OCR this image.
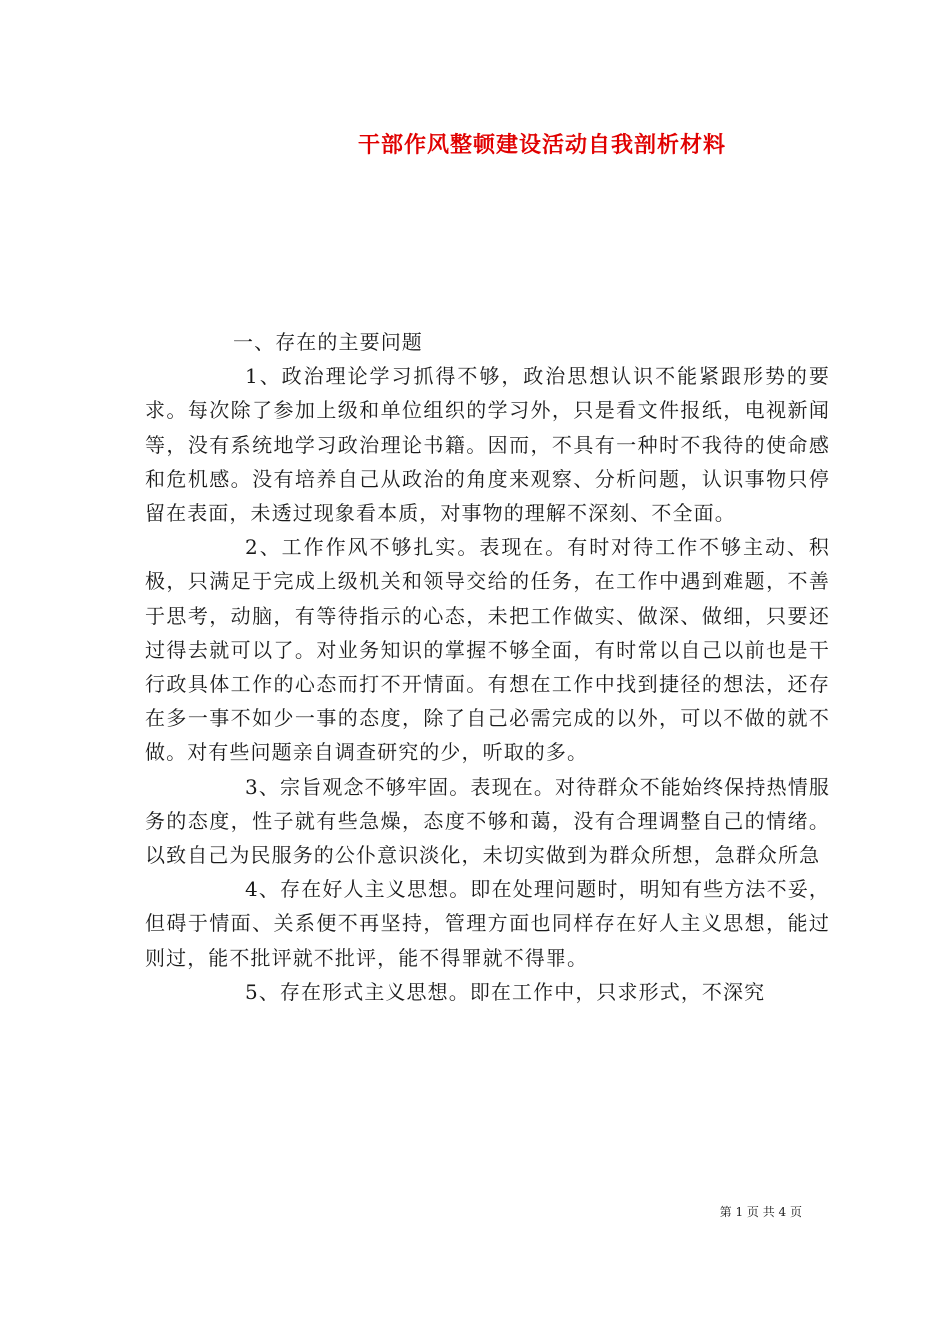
干部作风整顿建设活动自我剖析材料

一、存在的主要问题

1、政治理论学习抓得不够，政治思想认识不能紧跟形势的要求。每次除了参加上级和单位组织的学习外，只是看文件报纸，电视新闻等，没有系统地学习政治理论书籍。因而，不具有一种时不我待的使命感和危机感。没有培养自己从政治的角度来观察、分析问题，认识事物只停留在表面，未透过现象看本质，对事物的理解不深刻、不全面。

2、工作作风不够扎实。表现在。有时对待工作不够主动、积极，只满足于完成上级机关和领导交给的任务，在工作中遇到难题，不善于思考，动脑，有等待指示的心态，未把工作做实、做深、做细，只要还过得去就可以了。对业务知识的掌握不够全面，有时常以自己以前也是干行政具体工作的心态而打不开情面。有想在工作中找到捷径的想法，还存在多一事不如少一事的态度，除了自己必需完成的以外，可以不做的就不做。对有些问题亲自调查研究的少，听取的多。

3、宗旨观念不够牢固。表现在。对待群众不能始终保持热情服务的态度，性子就有些急燥，态度不够和蔼，没有合理调整自己的情绪。以致自己为民服务的公仆意识淡化，未切实做到为群众所想，急群众所急

4、存在好人主义思想。即在处理问题时，明知有些方法不妥，但碍于情面、关系便不再坚持，管理方面也同样存在好人主义思想，能过则过，能不批评就不批评，能不得罪就不得罪。

5、存在形式主义思想。即在工作中，只求形式，不深究

第 1 页 共 4 页
